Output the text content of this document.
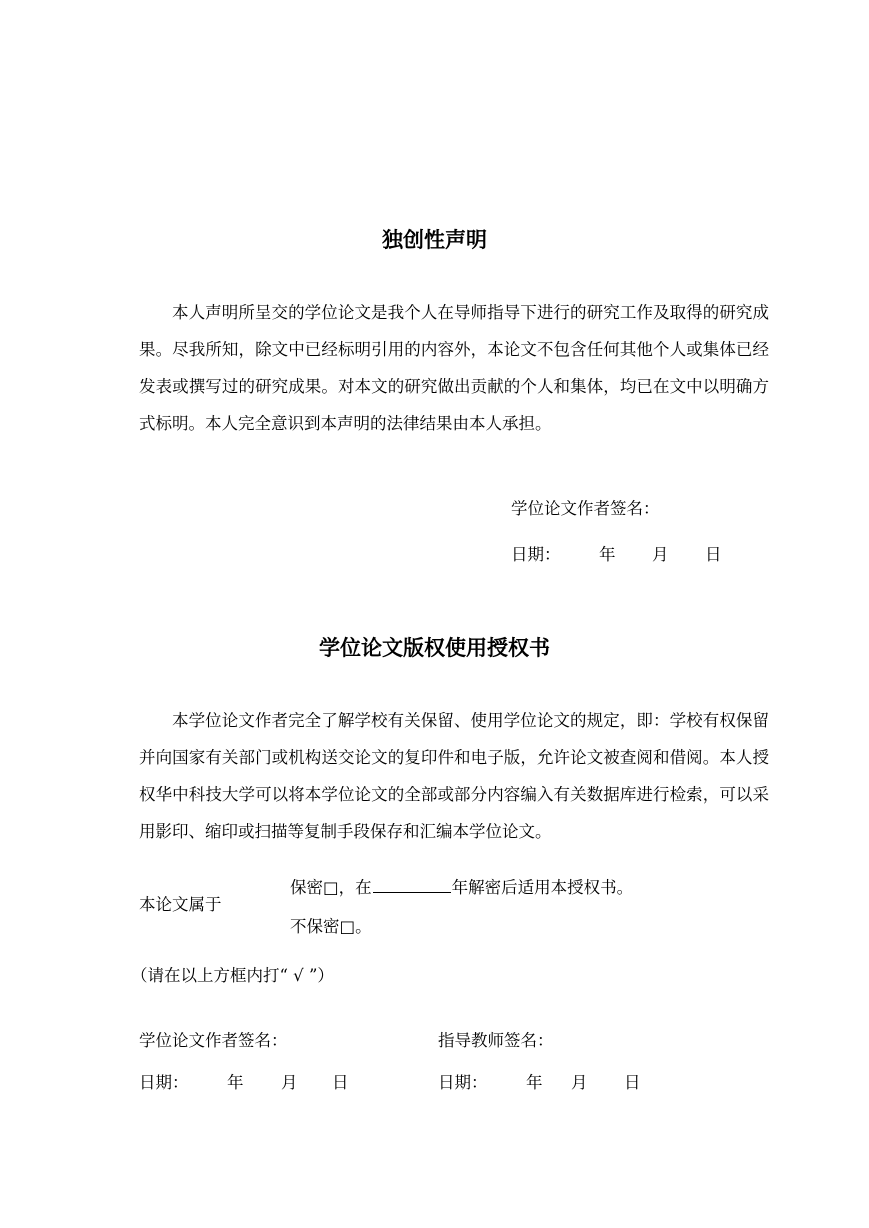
独创性声明
本人声明所呈交的学位论文是我个人在导师指导下进行的研究工作及取得的研究成果。尽我所知，除文中已经标明引用的内容外，本论文不包含任何其他个人或集体已经发表或撰写过的研究成果。对本文的研究做出贡献的个人和集体，均已在文中以明确方式标明。本人完全意识到本声明的法律结果由本人承担。
学位论文作者签名：
日期： 年 月 日
学位论文版权使用授权书
本学位论文作者完全了解学校有关保留、使用学位论文的规定，即：学校有权保留并向国家有关部门或机构送交论文的复印件和电子版，允许论文被查阅和借阅。本人授权华中科技大学可以将本学位论文的全部或部分内容编入有关数据库进行检索，可以采用影印、缩印或扫描等复制手段保存和汇编本学位论文。
本论文属于
保密□，在	年解密后适用本授权书。
不保密□。
（请在以上方框内打“ √ ”）
学位论文作者签名：	指导教师签名：
日期： 年 月 日	日期： 年 月 日
